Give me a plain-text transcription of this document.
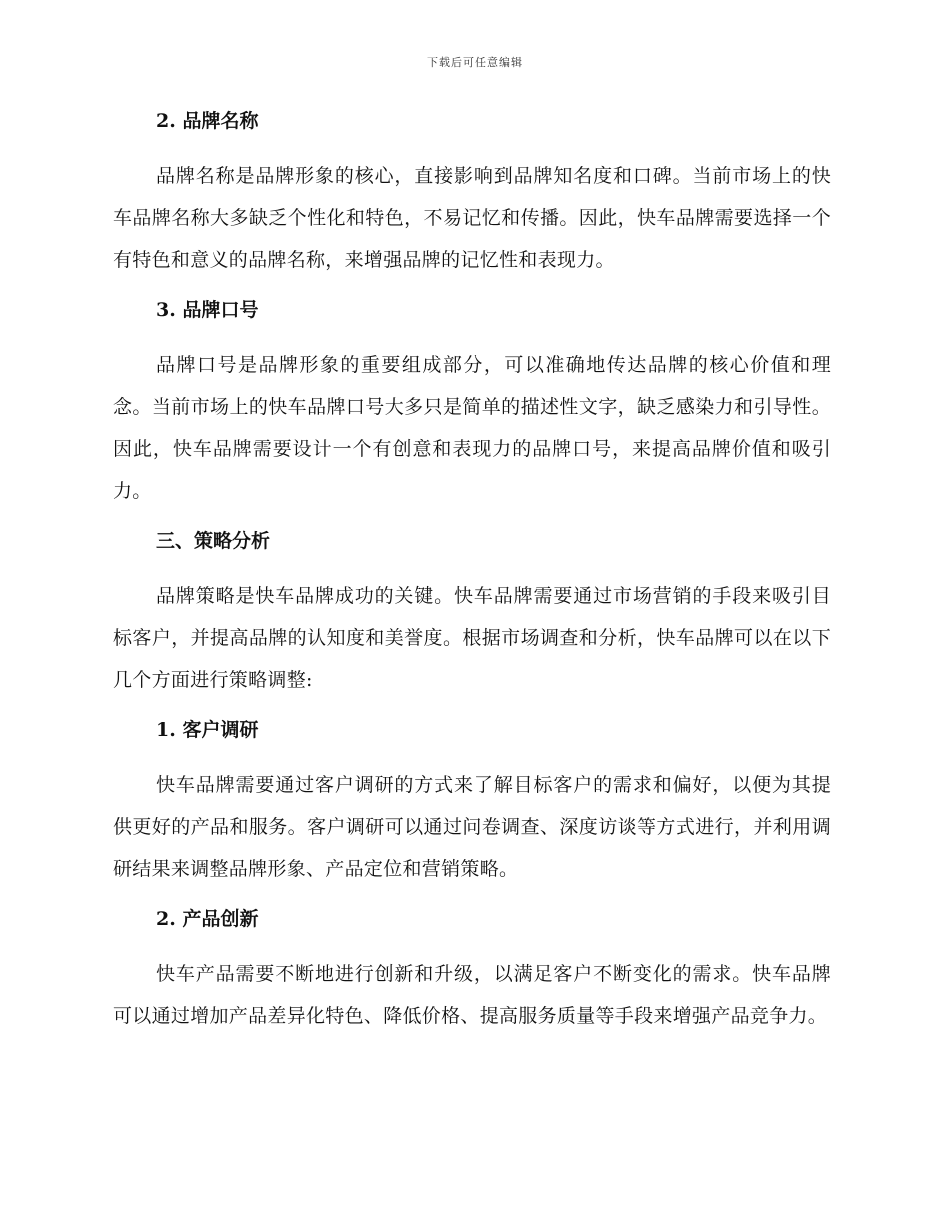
下载后可任意编辑
2. 品牌名称

品牌名称是品牌形象的核心，直接影响到品牌知名度和口碑。当前市场上的快车品牌名称大多缺乏个性化和特色，不易记忆和传播。因此，快车品牌需要选择一个有特色和意义的品牌名称，来增强品牌的记忆性和表现力。

3. 品牌口号

品牌口号是品牌形象的重要组成部分，可以准确地传达品牌的核心价值和理念。当前市场上的快车品牌口号大多只是简单的描述性文字，缺乏感染力和引导性。因此，快车品牌需要设计一个有创意和表现力的品牌口号，来提高品牌价值和吸引力。

三、策略分析

品牌策略是快车品牌成功的关键。快车品牌需要通过市场营销的手段来吸引目标客户，并提高品牌的认知度和美誉度。根据市场调查和分析，快车品牌可以在以下几个方面进行策略调整:

1. 客户调研

快车品牌需要通过客户调研的方式来了解目标客户的需求和偏好，以便为其提供更好的产品和服务。客户调研可以通过问卷调查、深度访谈等方式进行，并利用调研结果来调整品牌形象、产品定位和营销策略。

2. 产品创新

快车产品需要不断地进行创新和升级，以满足客户不断变化的需求。快车品牌可以通过增加产品差异化特色、降低价格、提高服务质量等手段来增强产品竞争力。
